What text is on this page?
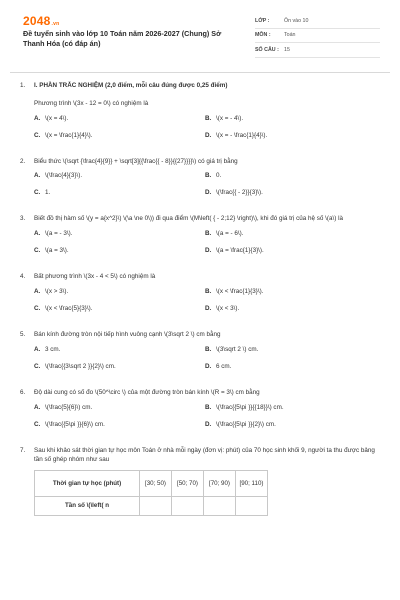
2048.vn
Đề tuyển sinh vào lớp 10 Toán năm 2026-2027 (Chung) Sở Thanh Hóa (có đáp án)
LỚP :	Ôn vào 10
MÔN :	Toán
SỐ CÂU : 15
1. I. PHẦN TRẮC NGHIỆM (2,0 điểm, mỗi câu đúng được 0,25 điểm)
Phương trình \(3x - 12 = 0\) có nghiệm là
A. \(x = 4\).	B. \(x = - 4\).
C. \(x = \frac{1}{4}\).	D. \(x = - \frac{1}{4}\).
2. Biểu thức \(\sqrt {\frac{4}{9}} + \sqrt[3]{{\frac{{ - 8}}{{27}}}}\) có giá trị bằng
A. \(\frac{4}{3}\).	B. 0.
C. 1.	D. \(\frac{{ - 2}}{3}\).
3. Biết đồ thị hàm số \(y = a{x^2}\) \(\a \ne 0\)) đi qua điểm \(M\left( { - 2;12} \right)\), khi đó giá trị của hệ số \(a\) là
A. \(a = - 3\).	B. \(a = - 6\).
C. \(a = 3\).	D. \(a = \frac{1}{3}\).
4. Bất phương trình \(3x - 4 < 5\) có nghiệm là
A. \(x > 3\).	B. \(x < \frac{1}{3}\).
C. \(x < \frac{5}{3}\).	D. \(x < 3\).
5. Bán kính đường tròn nội tiếp hình vuông cạnh \(3\sqrt 2 \) cm bằng
A. 3 cm.	B. \(3\sqrt 2 \) cm.
C. \(\frac{{3\sqrt 2 }}{2}\) cm.	D. 6 cm.
6. Độ dài cung có số đo \(50^\circ \) của một đường tròn bán kính \(R = 3\) cm bằng
A. \(\frac{5}{6}\) cm.	B. \(\frac{{5\pi }}{{18}}\) cm.
C. \(\frac{{5\pi }}{6}\) cm.	D. \(\frac{{5\pi }}{2}\) cm.
7. Sau khi khảo sát thời gian tự học môn Toán ở nhà mỗi ngày (đơn vị: phút) của 70 học sinh khối 9, người ta thu được bảng tần số ghép nhóm như sau
Thời gian tự học (phút)	[30; 50)	[50; 70)	[70; 90)	[90; 110)
Tần số \(\left( n				
